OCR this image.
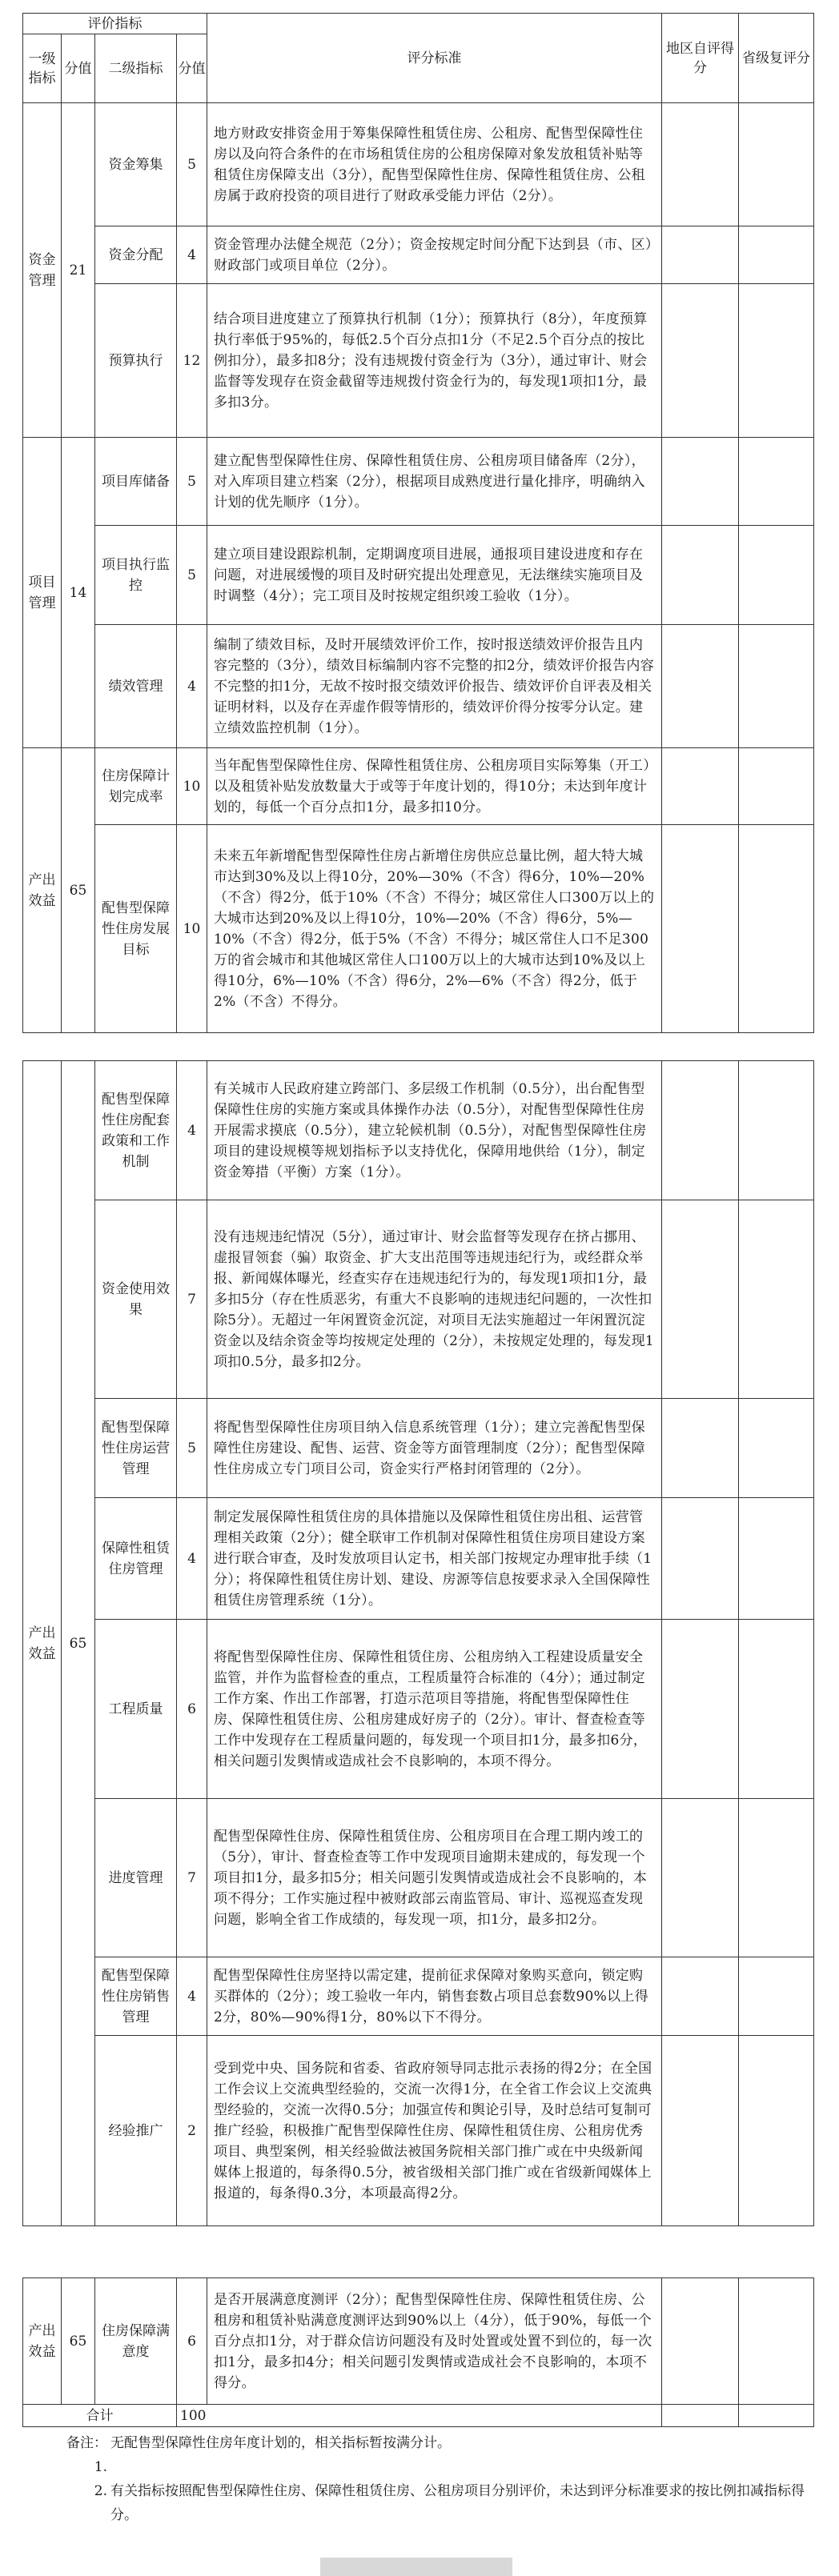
评价指标				评分标准	地区自评得分	省级复评分
一级指标	分值	二级指标	分值			
资金管理	21	资金筹集	5	地方财政安排资金用于筹集保障性租赁住房、公租房、配售型保障性住房以及向符合条件的在市场租赁住房的公租房保障对象发放租赁补贴等租赁住房保障支出（3分），配售型保障性住房、保障性租赁住房、公租房属于政府投资的项目进行了财政承受能力评估（2分）。		
		资金分配	4	资金管理办法健全规范（2分）；资金按规定时间分配下达到县（市、区）财政部门或项目单位（2分）。		
		预算执行	12	结合项目进度建立了预算执行机制（1分）；预算执行（8分），年度预算执行率低于95%的，每低2.5个百分点扣1分（不足2.5个百分点的按比例扣分），最多扣8分；没有违规拨付资金行为（3分），通过审计、财会监督等发现存在资金截留等违规拨付资金行为的，每发现1项扣1分，最多扣3分。		
项目管理	14	项目库储备	5	建立配售型保障性住房、保障性租赁住房、公租房项目储备库（2分），对入库项目建立档案（2分），根据项目成熟度进行量化排序，明确纳入计划的优先顺序（1分）。		
		项目执行监控	5	建立项目建设跟踪机制，定期调度项目进展，通报项目建设进度和存在问题，对进展缓慢的项目及时研究提出处理意见，无法继续实施项目及时调整（4分）；完工项目及时按规定组织竣工验收（1分）。		
		绩效管理	4	编制了绩效目标，及时开展绩效评价工作，按时报送绩效评价报告且内容完整的（3分），绩效目标编制内容不完整的扣2分，绩效评价报告内容不完整的扣1分，无故不按时报交绩效评价报告、绩效评价自评表及相关证明材料，以及存在弄虚作假等情形的，绩效评价得分按零分认定。建立绩效监控机制（1分）。		
产出效益	65	住房保障计划完成率	10	当年配售型保障性住房、保障性租赁住房、公租房项目实际筹集（开工）以及租赁补贴发放数量大于或等于年度计划的，得10分；未达到年度计划的，每低一个百分点扣1分，最多扣10分。		
		配售型保障性住房发展目标	10	未来五年新增配售型保障性住房占新增住房供应总量比例，超大特大城市达到30%及以上得10分，20%—30%（不含）得6分，10%—20%（不含）得2分，低于10%（不含）不得分；城区常住人口300万以上的大城市达到20%及以上得10分，10%—20%（不含）得6分，5%—10%（不含）得2分，低于5%（不含）不得分；城区常住人口不足300万的省会城市和其他城区常住人口100万以上的大城市达到10%及以上得10分，6%—10%（不含）得6分，2%—6%（不含）得2分，低于2%（不含）不得分。		
产出效益	65	配售型保障性住房配套政策和工作机制	4	有关城市人民政府建立跨部门、多层级工作机制（0.5分），出台配售型保障性住房的实施方案或具体操作办法（0.5分），对配售型保障性住房开展需求摸底（0.5分），建立轮候机制（0.5分），对配售型保障性住房项目的建设规模等规划指标予以支持优化，保障用地供给（1分），制定资金筹措（平衡）方案（1分）。		
		资金使用效果	7	没有违规违纪情况（5分），通过审计、财会监督等发现存在挤占挪用、虚报冒领套（骗）取资金、扩大支出范围等违规违纪行为，或经群众举报、新闻媒体曝光，经查实存在违规违纪行为的，每发现1项扣1分，最多扣5分（存在性质恶劣，有重大不良影响的违规违纪问题的，一次性扣除5分）。无超过一年闲置资金沉淀，对项目无法实施超过一年闲置沉淀资金以及结余资金等均按规定处理的（2分），未按规定处理的，每发现1项扣0.5分，最多扣2分。		
		配售型保障性住房运营管理	5	将配售型保障性住房项目纳入信息系统管理（1分）；建立完善配售型保障性住房建设、配售、运营、资金等方面管理制度（2分）；配售型保障性住房成立专门项目公司，资金实行严格封闭管理的（2分）。		
		保障性租赁住房管理	4	制定发展保障性租赁住房的具体措施以及保障性租赁住房出租、运营管理相关政策（2分）；健全联审工作机制对保障性租赁住房项目建设方案进行联合审查，及时发放项目认定书，相关部门按规定办理审批手续（1分）；将保障性租赁住房计划、建设、房源等信息按要求录入全国保障性租赁住房管理系统（1分）。		
		工程质量	6	将配售型保障性住房、保障性租赁住房、公租房纳入工程建设质量安全监管，并作为监督检查的重点，工程质量符合标准的（4分）；通过制定工作方案、作出工作部署，打造示范项目等措施，将配售型保障性住房、保障性租赁住房、公租房建成好房子的（2分）。审计、督查检查等工作中发现存在工程质量问题的，每发现一个项目扣1分，最多扣6分，相关问题引发舆情或造成社会不良影响的，本项不得分。		
		进度管理	7	配售型保障性住房、保障性租赁住房、公租房项目在合理工期内竣工的（5分），审计、督查检查等工作中发现项目逾期未建成的，每发现一个项目扣1分，最多扣5分；相关问题引发舆情或造成社会不良影响的，本项不得分；工作实施过程中被财政部云南监管局、审计、巡视巡查发现问题，影响全省工作成绩的，每发现一项，扣1分，最多扣2分。		
		配售型保障性住房销售管理	4	配售型保障性住房坚持以需定建，提前征求保障对象购买意向，锁定购买群体的（2分）；竣工验收一年内，销售套数占项目总套数90%以上得2分，80%—90%得1分，80%以下不得分。		
		经验推广	2	受到党中央、国务院和省委、省政府领导同志批示表扬的得2分；在全国工作会议上交流典型经验的，交流一次得1分，在全省工作会议上交流典型经验的，交流一次得0.5分；加强宣传和舆论引导，及时总结可复制可推广经验，积极推广配售型保障性住房、保障性租赁住房、公租房优秀项目、典型案例，相关经验做法被国务院相关部门推广或在中央级新闻媒体上报道的，每条得0.5分，被省级相关部门推广或在省级新闻媒体上报道的，每条得0.3分，本项最高得2分。		
产出效益	65	住房保障满意度	6	是否开展满意度测评（2分）；配售型保障性住房、保障性租赁住房、公租房和租赁补贴满意度测评达到90%以上（4分），低于90%，每低一个百分点扣1分，对于群众信访问题没有及时处置或处置不到位的，每一次扣1分，最多扣4分；相关问题引发舆情或造成社会不良影响的，本项不得分。		
合计			100			
备注：1.
无配售型保障性住房年度计划的，相关指标暂按满分计。
2. 有关指标按照配售型保障性住房、保障性租赁住房、公租房项目分别评价，未达到评分标准要求的按比例扣减指标得分。
